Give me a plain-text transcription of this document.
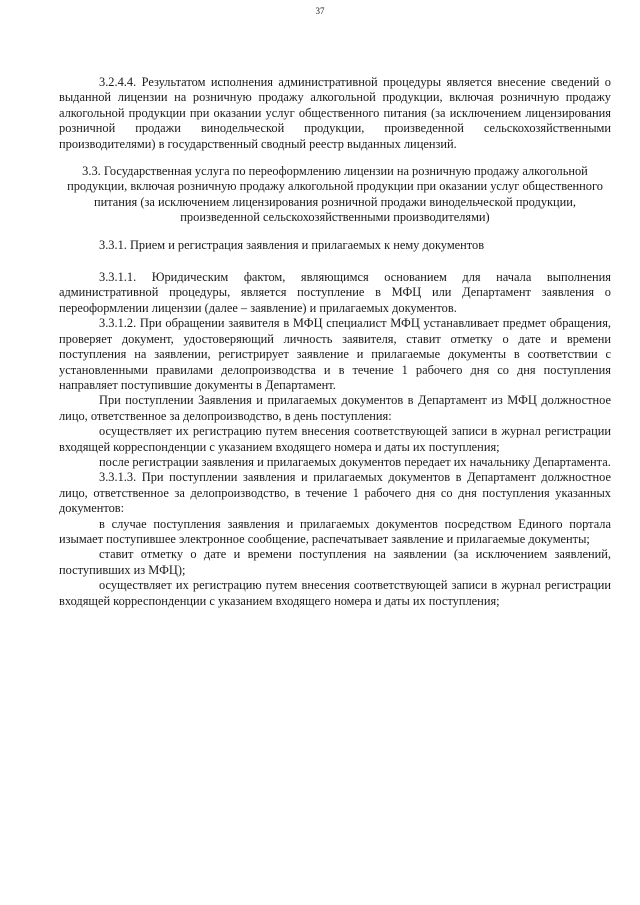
37

3.2.4.4. Результатом исполнения административной процедуры является внесение сведений о выданной лицензии на розничную продажу алкогольной продукции, включая розничную продажу алкогольной продукции при оказании услуг общественного питания (за исключением лицензирования розничной продажи винодельческой продукции, произведенной сельскохозяйственными производителями) в государственный сводный реестр выданных лицензий.

3.3. Государственная услуга по переоформлению лицензии на розничную продажу алкогольной продукции, включая розничную продажу алкогольной продукции при оказании услуг общественного питания (за исключением лицензирования розничной продажи винодельческой продукции, произведенной сельскохозяйственными производителями)

3.3.1. Прием и регистрация заявления и прилагаемых к нему документов

3.3.1.1. Юридическим фактом, являющимся основанием для начала выполнения административной процедуры, является поступление в МФЦ или Департамент заявления о переоформлении лицензии (далее – заявление) и прилагаемых документов.

3.3.1.2. При обращении заявителя в МФЦ специалист МФЦ устанавливает предмет обращения, проверяет документ, удостоверяющий личность заявителя, ставит отметку о дате и времени поступления на заявлении, регистрирует заявление и прилагаемые документы в соответствии с установленными правилами делопроизводства и в течение 1 рабочего дня со дня поступления направляет поступившие документы в Департамент.

При поступлении Заявления и прилагаемых документов в Департамент из МФЦ должностное лицо, ответственное за делопроизводство, в день поступления:

осуществляет их регистрацию путем внесения соответствующей записи в журнал регистрации входящей корреспонденции с указанием входящего номера и даты их поступления;

после регистрации заявления и прилагаемых документов передает их начальнику Департамента.

3.3.1.3. При поступлении заявления и прилагаемых документов в Департамент должностное лицо, ответственное за делопроизводство, в течение 1 рабочего дня со дня поступления указанных документов:

в случае поступления заявления и прилагаемых документов посредством Единого портала изымает поступившее электронное сообщение, распечатывает заявление и прилагаемые документы;

ставит отметку о дате и времени поступления на заявлении (за исключением заявлений, поступивших из МФЦ);

осуществляет их регистрацию путем внесения соответствующей записи в журнал регистрации входящей корреспонденции с указанием входящего номера и даты их поступления;
